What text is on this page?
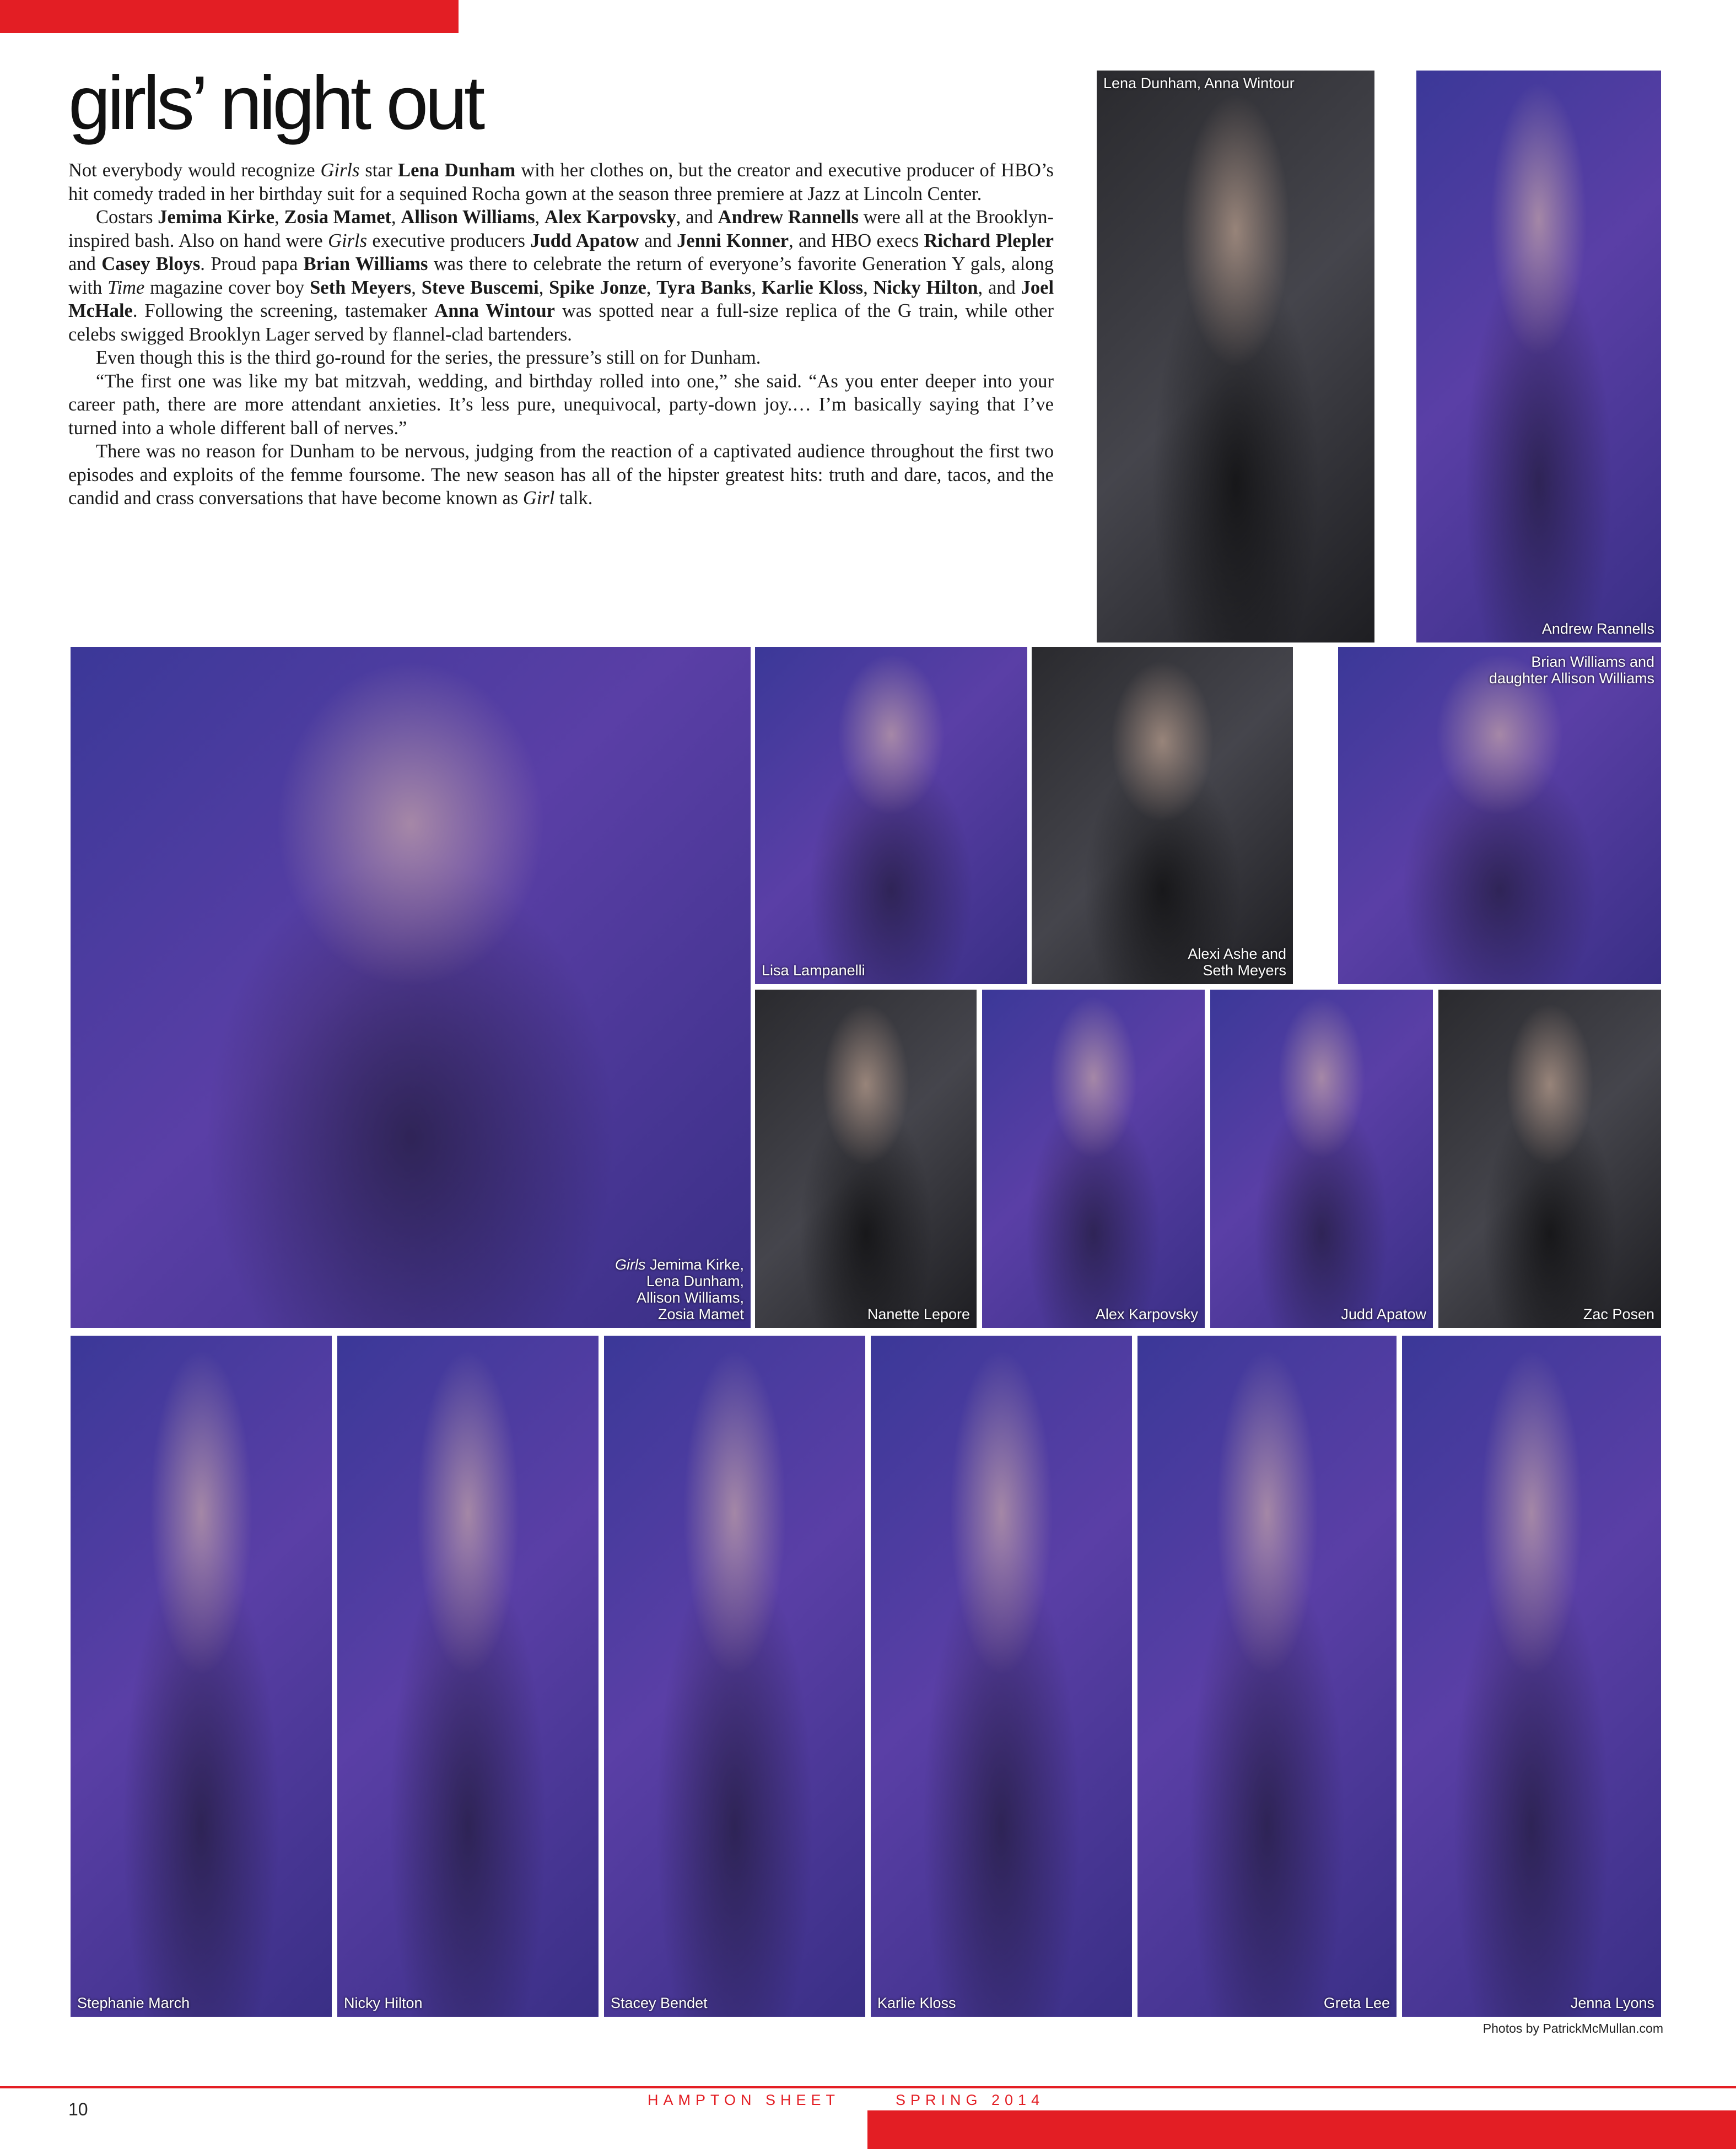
girls’ night out

Not everybody would recognize Girls star Lena Dunham with her clothes on, but the creator and executive producer of HBO’s hit comedy traded in her birthday suit for a sequined Rocha gown at the season three premiere at Jazz at Lincoln Center.

Costars Jemima Kirke, Zosia Mamet, Allison Williams, Alex Karpovsky, and Andrew Rannells were all at the Brooklyn-inspired bash. Also on hand were Girls executive producers Judd Apatow and Jenni Konner, and HBO execs Richard Plepler and Casey Bloys. Proud papa Brian Williams was there to celebrate the return of everyone’s favorite Generation Y gals, along with Time magazine cover boy Seth Meyers, Steve Buscemi, Spike Jonze, Tyra Banks, Karlie Kloss, Nicky Hilton, and Joel McHale. Following the screening, tastemaker Anna Wintour was spotted near a full-size replica of the G train, while other celebs swigged Brooklyn Lager served by flannel-clad bartenders.

Even though this is the third go-round for the series, the pressure’s still on for Dunham.

“The first one was like my bat mitzvah, wedding, and birthday rolled into one,” she said. “As you enter deeper into your career path, there are more attendant anxieties. It’s less pure, unequivocal, party-down joy.… I’m basically saying that I’ve turned into a whole different ball of nerves.”

There was no reason for Dunham to be nervous, judging from the reaction of a captivated audience throughout the first two episodes and exploits of the femme foursome. The new season has all of the hipster greatest hits: truth and dare, tacos, and the candid and crass conversations that have become known as Girl talk.

Lena Dunham, Anna Wintour
Andrew Rannells
Girls Jemima Kirke,
Lena Dunham,
Allison Williams,
Zosia Mamet
Lisa Lampanelli
Alexi Ashe and
Seth Meyers
Brian Williams and
daughter Allison Williams
Nanette Lepore	Alex Karpovsky	Judd Apatow	Zac Posen
Stephanie March	Nicky Hilton	Stacey Bendet	Karlie Kloss	Greta Lee	Jenna Lyons
Photos by PatrickMcMullan.com
10	HAMPTON SHEET	SPRING 2014
